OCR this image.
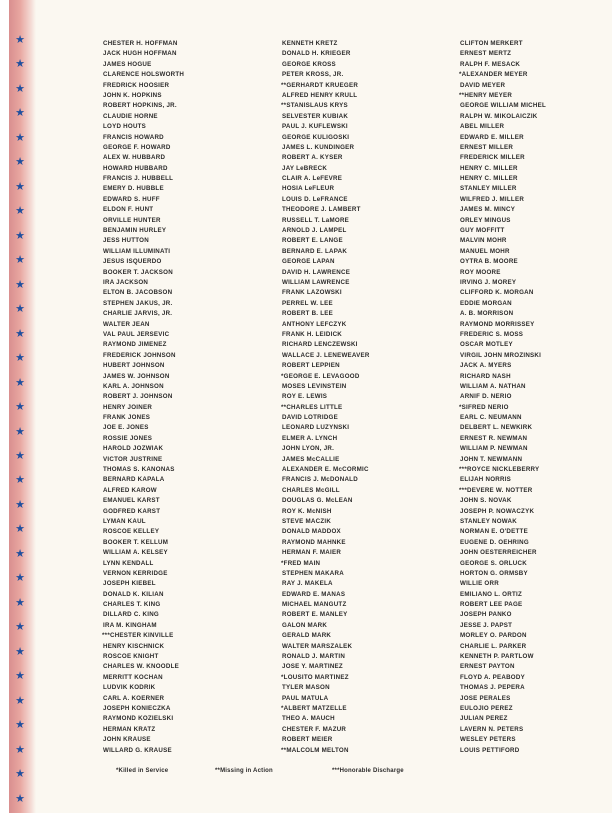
★
★
★
★
★
★
★
★
★
★
★
★
★
★
★
★
★
★
★
★
★
★
★
★
★
★
★
★
★
★
★
★
CHESTER H. HOFFMAN
JACK HUGH HOFFMAN
JAMES HOGUE
CLARENCE HOLSWORTH
FREDRICK HOOSIER
JOHN K. HOPKINS
ROBERT HOPKINS, JR.
CLAUDIE HORNE
LOYD HOUTS
FRANCIS HOWARD
GEORGE F. HOWARD
ALEX W. HUBBARD
HOWARD HUBBARD
FRANCIS J. HUBBELL
EMERY D. HUBBLE
EDWARD S. HUFF
ELDON F. HUNT
ORVILLE HUNTER
BENJAMIN HURLEY
JESS HUTTON
WILLIAM ILLUMINATI
JESUS ISQUERDO
BOOKER T. JACKSON
IRA JACKSON
ELTON B. JACOBSON
STEPHEN JAKUS, JR.
CHARLIE JARVIS, JR.
WALTER JEAN
VAL PAUL JERSEVIC
RAYMOND JIMENEZ
FREDERICK JOHNSON
HUBERT JOHNSON
JAMES W. JOHNSON
KARL A. JOHNSON
ROBERT J. JOHNSON
HENRY JOINER
FRANK JONES
JOE E. JONES
ROSSIE JONES
HAROLD JOZWIAK
VICTOR JUSTRINE
THOMAS S. KANONAS
BERNARD KAPALA
ALFRED KAROW
EMANUEL KARST
GODFRED KARST
LYMAN KAUL
ROSCOE KELLEY
BOOKER T. KELLUM
WILLIAM A. KELSEY
LYNN KENDALL
VERNON KERRIDGE
JOSEPH KIEBEL
DONALD K. KILIAN
CHARLES T. KING
DILLARD C. KING
IRA M. KINGHAM
***CHESTER KINVILLE
HENRY KISCHNICK
ROSCOE KNIGHT
CHARLES W. KNOODLE
MERRITT KOCHAN
LUDVIK KODRIK
CARL A. KOERNER
JOSEPH KONIECZKA
RAYMOND KOZIELSKI
HERMAN KRATZ
JOHN KRAUSE
WILLARD G. KRAUSE
KENNETH KRETZ
DONALD H. KRIEGER
GEORGE KROSS
PETER KROSS, JR.
**GERHARDT KRUEGER
ALFRED HENRY KRULL
**STANISLAUS KRYS
SELVESTER KUBIAK
PAUL J. KUFLEWSKI
GEORGE KULIGOSKI
JAMES L. KUNDINGER
ROBERT A. KYSER
JAY LeBRECK
CLAIR A. LeFEVRE
HOSIA LeFLEUR
LOUIS D. LeFRANCE
THEODORE J. LAMBERT
RUSSELL T. LaMORE
ARNOLD J. LAMPEL
ROBERT E. LANGE
BERNARD E. LAPAK
GEORGE LAPAN
DAVID H. LAWRENCE
WILLIAM LAWRENCE
FRANK LAZOWSKI
PERREL W. LEE
ROBERT B. LEE
ANTHONY LEFCZYK
FRANK H. LEIDICK
RICHARD LENCZEWSKI
WALLACE J. LENEWEAVER
ROBERT LEPPIEN
*GEORGE E. LEVAGOOD
MOSES LEVINSTEIN
ROY E. LEWIS
**CHARLES LITTLE
DAVID LOTRIDGE
LEONARD LUZYNSKI
ELMER A. LYNCH
JOHN LYON, JR.
JAMES McCALLIE
ALEXANDER E. McCORMIC
FRANCIS J. McDONALD
CHARLES McGILL
DOUGLAS G. McLEAN
ROY K. McNISH
STEVE MACZIK
DONALD MADDOX
RAYMOND MAHNKE
HERMAN F. MAIER
*FRED MAIN
STEPHEN MAKARA
RAY J. MAKELA
EDWARD E. MANAS
MICHAEL MANGUTZ
ROBERT E. MANLEY
GALON MARK
GERALD MARK
WALTER MARSZALEK
RONALD J. MARTIN
JOSE Y. MARTINEZ
*LOUSITO MARTINEZ
TYLER MASON
PAUL MATULA
*ALBERT MATZELLE
THEO A. MAUCH
CHESTER F. MAZUR
ROBERT MEIER
**MALCOLM MELTON
CLIFTON MERKERT
ERNEST MERTZ
RALPH F. MESACK
*ALEXANDER MEYER
DAVID MEYER
**HENRY MEYER
GEORGE WILLIAM MICHEL
RALPH W. MIKOLAICZIK
ABEL MILLER
EDWARD E. MILLER
ERNEST MILLER
FREDERICK MILLER
HENRY C. MILLER
HENRY C. MILLER
STANLEY MILLER
WILFRED J. MILLER
JAMES M. MINCY
ORLEY MINGUS
GUY MOFFITT
MALVIN MOHR
MANUEL MOHR
OYTRA B. MOORE
ROY MOORE
IRVING J. MOREY
CLIFFORD K. MORGAN
EDDIE MORGAN
A. B. MORRISON
RAYMOND MORRISSEY
FREDERIC S. MOSS
OSCAR MOTLEY
VIRGIL JOHN MROZINSKI
JACK A. MYERS
RICHARD NASH
WILLIAM A. NATHAN
ARNIF D. NERIO
*SIFRED NERIO
EARL C. NEUMANN
DELBERT L. NEWKIRK
ERNEST R. NEWMAN
WILLIAM P. NEWMAN
JOHN T. NEWMANN
***ROYCE NICKLEBERRY
ELIJAH NORRIS
***DEVERE W. NOTTER
JOHN S. NOVAK
JOSEPH P. NOWACZYK
STANLEY NOWAK
NORMAN E. O'DETTE
EUGENE D. OEHRING
JOHN OESTERREICHER
GEORGE S. ORLUCK
HORTON G. ORMSBY
WILLIE ORR
EMILIANO L. ORTIZ
ROBERT LEE PAGE
JOSEPH PANKO
JESSE J. PAPST
MORLEY O. PARDON
CHARLIE L. PARKER
KENNETH P. PARTLOW
ERNEST PAYTON
FLOYD A. PEABODY
THOMAS J. PEPERA
JOSE PERALES
EULOJIO PEREZ
JULIAN PEREZ
LAVERN N. PETERS
WESLEY PETERS
LOUIS PETTIFORD
*Killed in Service	**Missing in Action	***Honorable Discharge
